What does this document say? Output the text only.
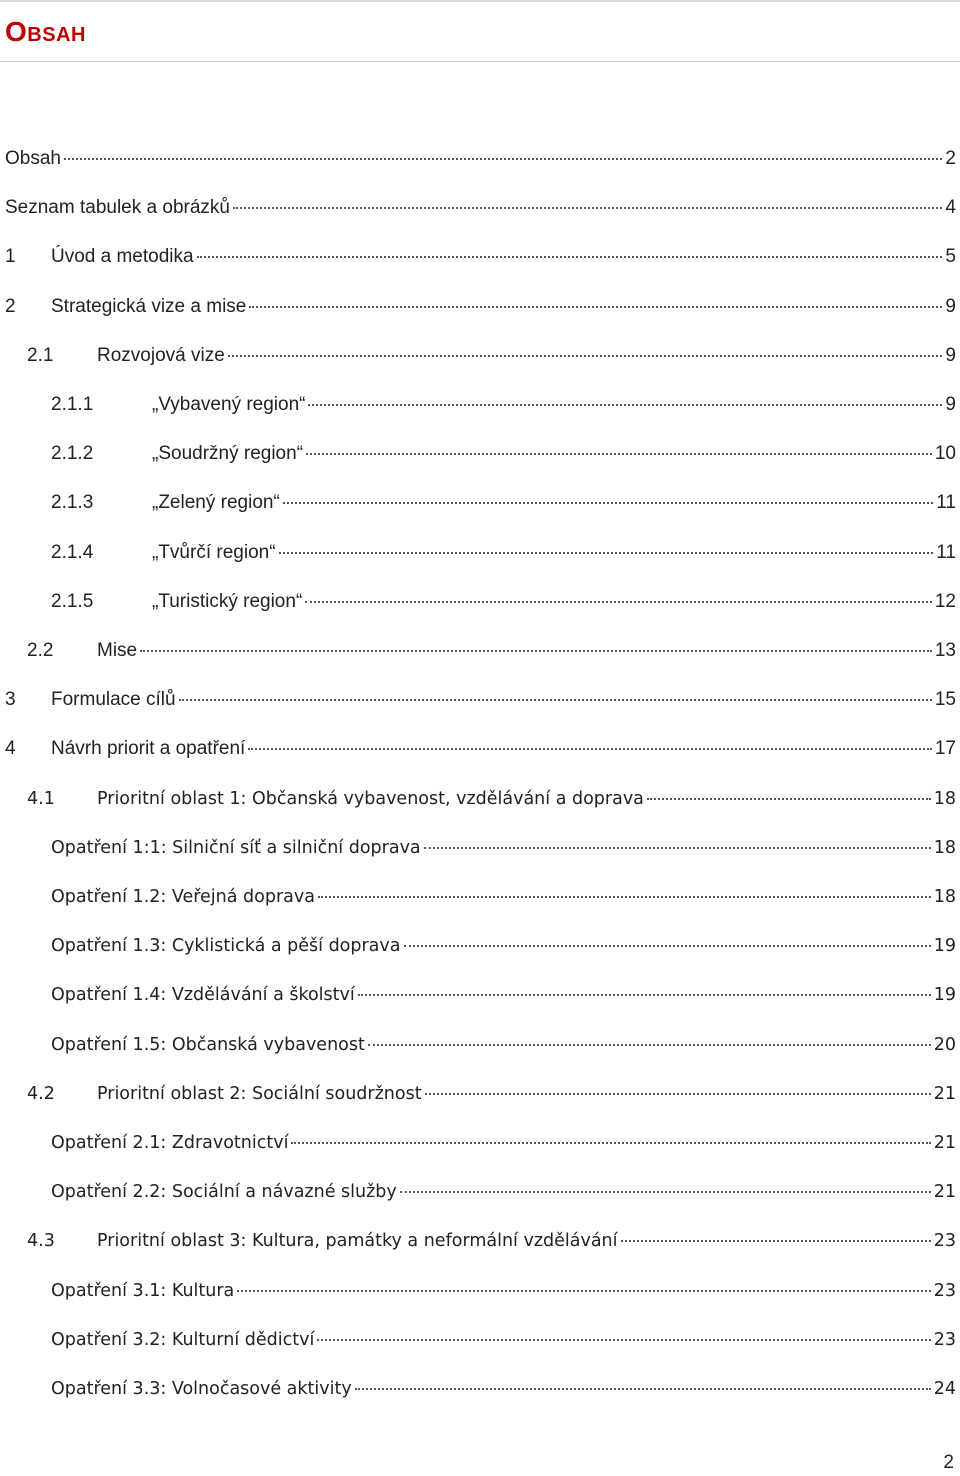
Obsah
Obsah	2
Seznam tabulek a obrázků	4
1	Úvod a metodika	5
2	Strategická vize a mise	9
2.1	Rozvojová vize	9
2.1.1	„Vybavený region“	9
2.1.2	„Soudržný region“	10
2.1.3	„Zelený region“	11
2.1.4	„Tvůrčí region“	11
2.1.5	„Turistický region“	12
2.2	Mise	13
3	Formulace cílů	15
4	Návrh priorit a opatření	17
4.1	Prioritní oblast 1: Občanská vybavenost, vzdělávání a doprava	18
Opatření 1:1: Silniční síť a silniční doprava	18
Opatření 1.2: Veřejná doprava	18
Opatření 1.3: Cyklistická a pěší doprava	19
Opatření 1.4: Vzdělávání a školství	19
Opatření 1.5: Občanská vybavenost	20
4.2	Prioritní oblast 2: Sociální soudržnost	21
Opatření 2.1: Zdravotnictví	21
Opatření 2.2: Sociální a návazné služby	21
4.3	Prioritní oblast 3: Kultura, památky a neformální vzdělávání	23
Opatření 3.1: Kultura	23
Opatření 3.2: Kulturní dědictví	23
Opatření 3.3: Volnočasové aktivity	24
2
